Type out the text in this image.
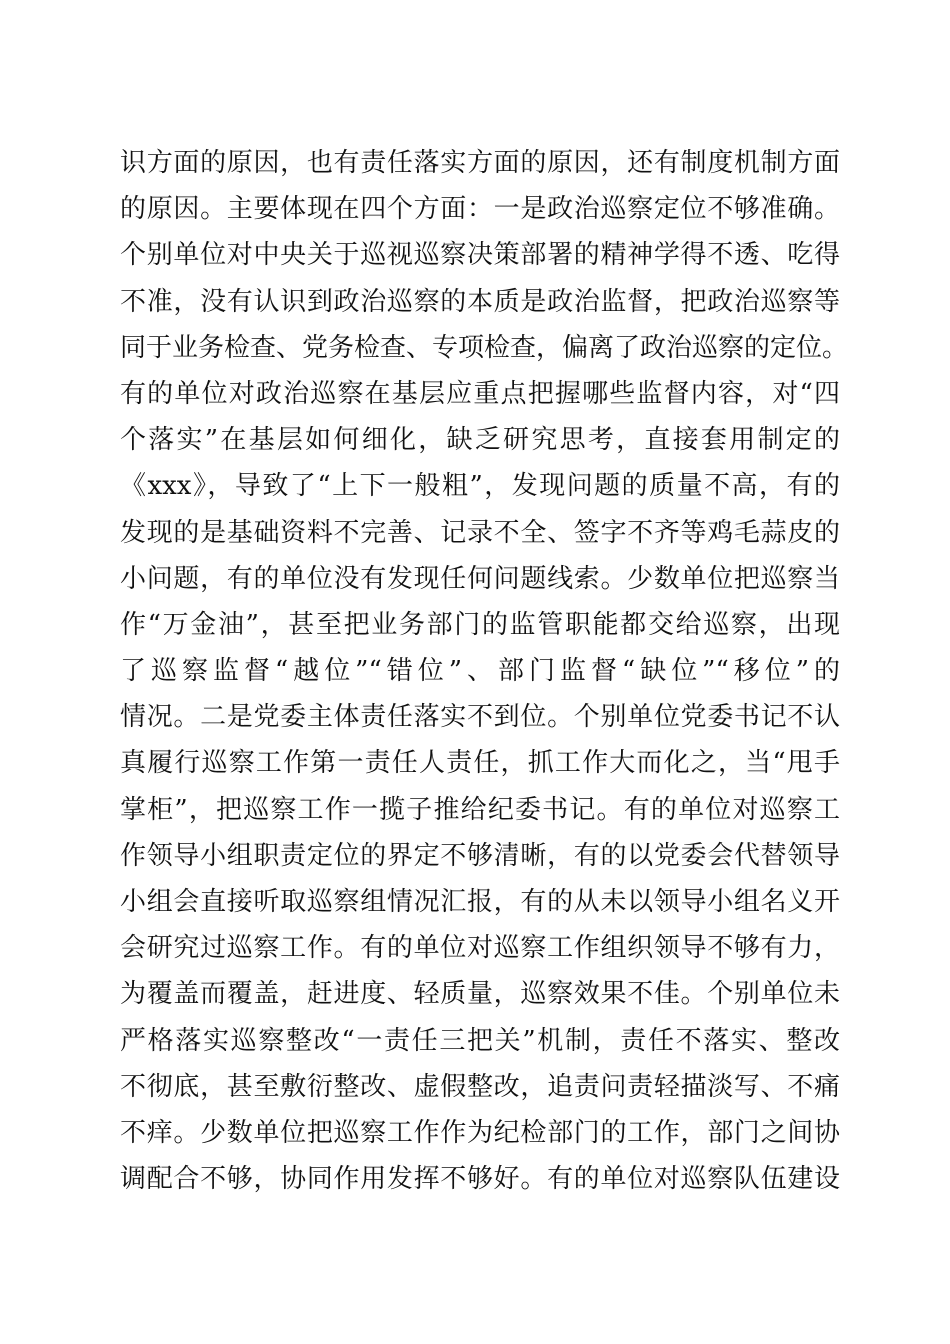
识方面的原因，也有责任落实方面的原因，还有制度机制方面
的原因。主要体现在四个方面：一是政治巡察定位不够准确。
个别单位对中央关于巡视巡察决策部署的精神学得不透、吃得
不准，没有认识到政治巡察的本质是政治监督，把政治巡察等
同于业务检查、党务检查、专项检查，偏离了政治巡察的定位。
有的单位对政治巡察在基层应重点把握哪些监督内容，对“四
个落实”在基层如何细化，缺乏研究思考，直接套用制定的
《xxx》，导致了“上下一般粗”，发现问题的质量不高，有的
发现的是基础资料不完善、记录不全、签字不齐等鸡毛蒜皮的
小问题，有的单位没有发现任何问题线索。少数单位把巡察当
作“万金油”，甚至把业务部门的监管职能都交给巡察，出现
了巡察监督“越位”“错位”、部门监督“缺位”“移位”的
情况。二是党委主体责任落实不到位。个别单位党委书记不认
真履行巡察工作第一责任人责任，抓工作大而化之，当“甩手
掌柜”，把巡察工作一揽子推给纪委书记。有的单位对巡察工
作领导小组职责定位的界定不够清晰，有的以党委会代替领导
小组会直接听取巡察组情况汇报，有的从未以领导小组名义开
会研究过巡察工作。有的单位对巡察工作组织领导不够有力，
为覆盖而覆盖，赶进度、轻质量，巡察效果不佳。个别单位未
严格落实巡察整改“一责任三把关”机制，责任不落实、整改
不彻底，甚至敷衍整改、虚假整改，追责问责轻描淡写、不痛
不痒。少数单位把巡察工作作为纪检部门的工作，部门之间协
调配合不够，协同作用发挥不够好。有的单位对巡察队伍建设
